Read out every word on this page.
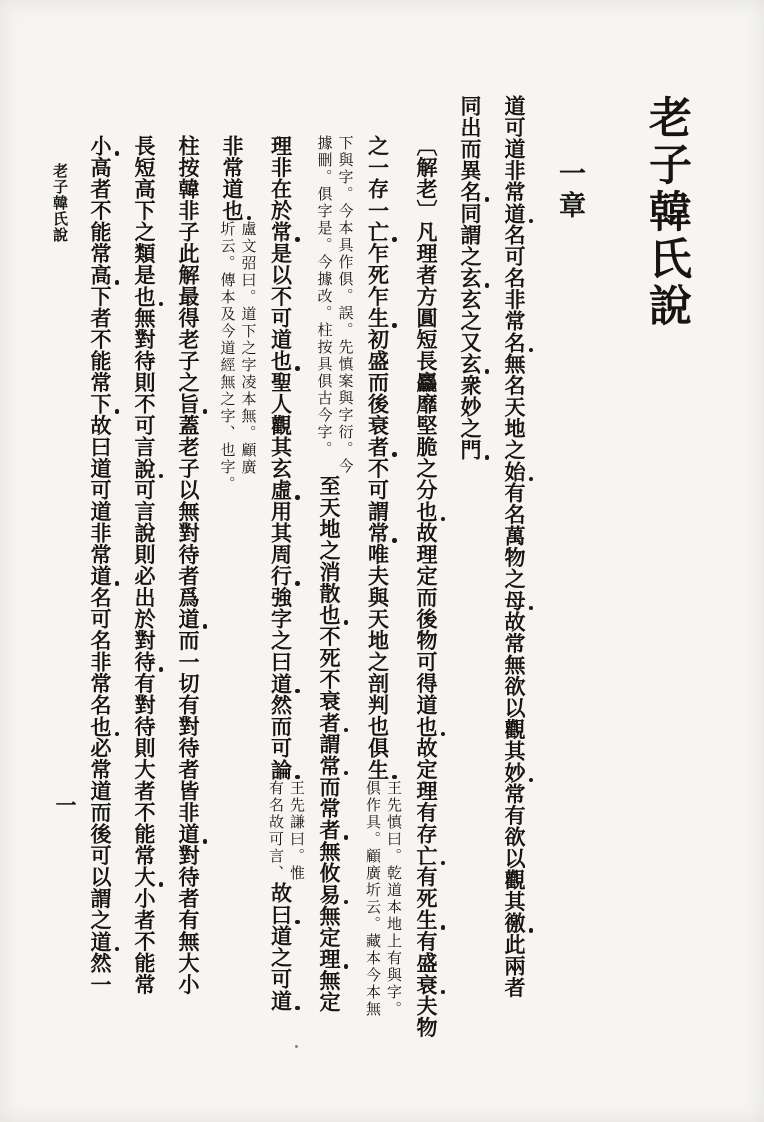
老子韓氏說
一章
道可道非常道名可名非常名無名天地之始有名萬物之母故常無欲以觀其妙常有欲以觀其徼此兩者
同出而異名同謂之玄玄之又玄衆妙之門
〔解老〕凡理者方圓短長麤靡堅脆之分也故理定而後物可得道也故定理有存亡有死生有盛衰夫物
之一存一亡乍死乍生初盛而後衰者不可謂常唯夫與天地之剖判也俱生
王先慎曰。乾道本地上有與字。
俱作具。顧廣圻云。藏本今本無
下與字。今本具作俱。誤。先慎案與字衍。今
據刪。俱字是。今據改。柱按具俱古今字。
至天地之消散也不死不衰者謂常而常者無攸易無定理無定
理非在於常是以不可道也聖人觀其玄虛用其周行強字之曰道然而可論
王先謙曰。惟
有名故可言、
故曰道之可道
非常道也
盧文弨曰。道下之字凌本無。顧廣
圻云。傳本及今道經無之字、也字。
柱按韓非子此解最得老子之旨蓋老子以無對待者爲道而一切有對待者皆非道對待者有無大小
長短高下之類是也無對待則不可言說可言說則必出於對待有對待則大者不能常大小者不能常
小高者不能常高下者不能常下故曰道可道非常道名可名非常名也必常道而後可以謂之道然一
老子韓氏說
一
